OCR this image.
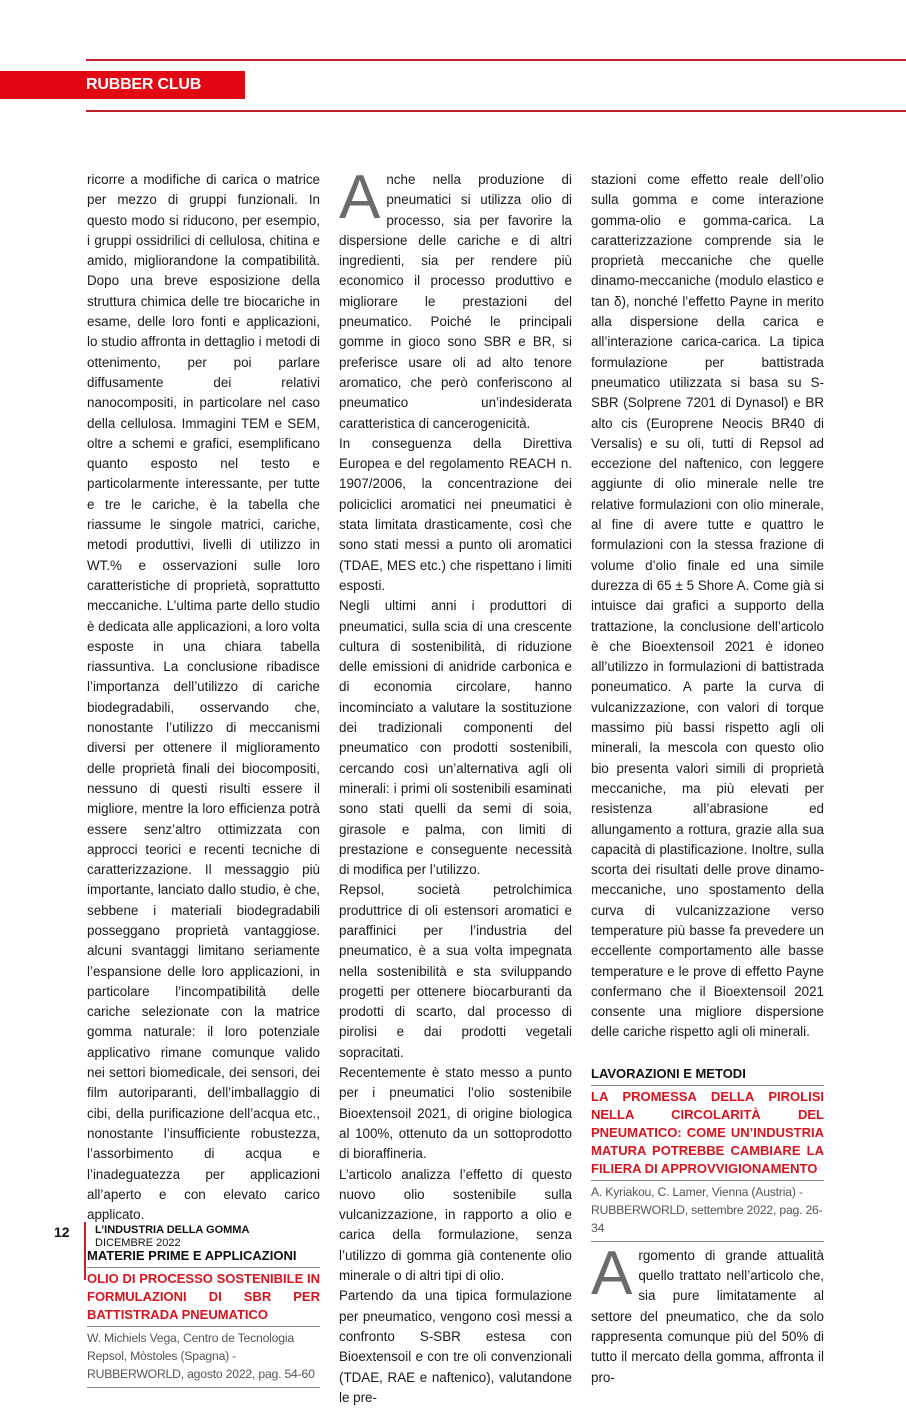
RUBBER CLUB

ricorre a modifiche di carica o matrice per mezzo di gruppi funzionali. In questo modo si riducono, per esempio, i gruppi ossidrilici di cellulosa, chitina e amido, migliorandone la compatibilità. Dopo una breve esposizione della struttura chimica delle tre biocariche in esame, delle loro fonti e applicazioni, lo studio affronta in dettaglio i metodi di ottenimento, per poi parlare diffusamente dei relativi nanocompositi, in particolare nel caso della cellulosa. Immagini TEM e SEM, oltre a schemi e grafici, esemplificano quanto esposto nel testo e particolarmente interessante, per tutte e tre le cariche, è la tabella che riassume le singole matrici, cariche, metodi produttivi, livelli di utilizzo in WT.% e osservazioni sulle loro caratteristiche di proprietà, soprattutto meccaniche. L’ultima parte dello studio è dedicata alle applicazioni, a loro volta esposte in una chiara tabella riassuntiva. La conclusione ribadisce l’importanza dell’utilizzo di cariche biodegradabili, osservando che, nonostante l’utilizzo di meccanismi diversi per ottenere il miglioramento delle proprietà finali dei biocompositi, nessuno di questi risulti essere il migliore, mentre la loro efficienza potrà essere senz’altro ottimizzata con approcci teorici e recenti tecniche di caratterizzazione. Il messaggio più importante, lanciato dallo studio, è che, sebbene i materiali biodegradabili posseggano proprietà vantaggiose. alcuni svantaggi limitano seriamente l’espansione delle loro applicazioni, in particolare l’incompatibilità delle cariche selezionate con la matrice gomma naturale: il loro potenziale applicativo rimane comunque valido nei settori biomedicale, dei sensori, dei film autoriparanti, dell’imballaggio di cibi, della purificazione dell’acqua etc., nonostante l’insufficiente robustezza, l’assorbimento di acqua e l’inadeguatezza per applicazioni all’aperto e con elevato carico applicato.

MATERIE PRIME E APPLICAZIONI
OLIO DI PROCESSO SOSTENIBILE IN FORMULAZIONI DI SBR PER BATTISTRADA PNEUMATICO
W. Michiels Vega, Centro de Tecnologia Repsol, Mòstoles (Spagna) - RUBBERWORLD, agosto 2022, pag. 54-60
A nche nella produzione di pneumatici si utilizza olio di processo, sia per favorire la dispersione delle cariche e di altri ingredienti, sia per rendere più economico il processo produttivo e migliorare le prestazioni del pneumatico. Poiché le principali gomme in gioco sono SBR e BR, si preferisce usare oli ad alto tenore aromatico, che però conferiscono al pneumatico un’indesiderata caratteristica di cancerogenicità.

In conseguenza della Direttiva Europea e del regolamento REACH n. 1907/2006, la concentrazione dei policiclici aromatici nei pneumatici è stata limitata drasticamente, così che sono stati messi a punto oli aromatici (TDAE, MES etc.) che rispettano i limiti esposti.

Negli ultimi anni i produttori di pneumatici, sulla scia di una crescente cultura di sostenibilità, di riduzione delle emissioni di anidride carbonica e di economia circolare, hanno incominciato a valutare la sostituzione dei tradizionali componenti del pneumatico con prodotti sostenibili, cercando così un’alternativa agli oli minerali: i primi oli sostenibili esaminati sono stati quelli da semi di soia, girasole e palma, con limiti di prestazione e conseguente necessità di modifica per l’utilizzo.

Repsol, società petrolchimica produttrice di oli estensori aromatici e paraffinici per l’industria del pneumatico, è a sua volta impegnata nella sostenibilità e sta sviluppando progetti per ottenere biocarburanti da prodotti di scarto, dal processo di pirolisi e dai prodotti vegetali sopracitati.

Recentemente è stato messo a punto per i pneumatici l’olio sostenibile Bioextensoil 2021, di origine biologica al 100%, ottenuto da un sottoprodotto di bioraffineria.

L’articolo analizza l’effetto di questo nuovo olio sostenibile sulla vulcanizzazione, in rapporto a olio e carica della formulazione, senza l’utilizzo di gomma già contenente olio minerale o di altri tipi di olio.

Partendo da una tipica formulazione per pneumatico, vengono così messi a confronto S-SBR estesa con Bioextensoil e con tre oli convenzionali (TDAE, RAE e naftenico), valutandone le pre-

stazioni come effetto reale dell’olio sulla gomma e come interazione gomma-olio e gomma-carica. La caratterizzazione comprende sia le proprietà meccaniche che quelle dinamo-meccaniche (modulo elastico e tan δ), nonché l’effetto Payne in merito alla dispersione della carica e all’interazione carica-carica. La tipica formulazione per battistrada pneumatico utilizzata si basa su S-SBR (Solprene 7201 di Dynasol) e BR alto cis (Europrene Neocis BR40 di Versalis) e su oli, tutti di Repsol ad eccezione del naftenico, con leggere aggiunte di olio minerale nelle tre relative formulazioni con olio minerale, al fine di avere tutte e quattro le formulazioni con la stessa frazione di volume d’olio finale ed una simile durezza di 65 ± 5 Shore A. Come già si intuisce dai grafici a supporto della trattazione, la conclusione dell’articolo è che Bioextensoil 2021 è idoneo all’utilizzo in formulazioni di battistrada poneumatico. A parte la curva di vulcanizzazione, con valori di torque massimo più bassi rispetto agli oli minerali, la mescola con questo olio bio presenta valori simili di proprietà meccaniche, ma più elevati per resistenza all’abrasione ed allungamento a rottura, grazie alla sua capacità di plastificazione. Inoltre, sulla scorta dei risultati delle prove dinamo-meccaniche, uno spostamento della curva di vulcanizzazione verso temperature più basse fa prevedere un eccellente comportamento alle basse temperature e le prove di effetto Payne confermano che il Bioextensoil 2021 consente una migliore dispersione delle cariche rispetto agli oli minerali.

LAVORAZIONI E METODI
LA PROMESSA DELLA PIROLISI NELLA CIRCOLARITÀ DEL PNEUMATICO: COME UN’INDUSTRIA MATURA POTREBBE CAMBIARE LA FILIERA DI APPROVVIGIONAMENTO
A. Kyriakou, C. Lamer, Vienna (Austria) - RUBBERWORLD, settembre 2022, pag. 26-34
A rgomento di grande attualità quello trattato nell’articolo che, sia pure limitatamente al settore del pneumatico, che da solo rappresenta comunque più del 50% di tutto il mercato della gomma, affronta il pro-

12 L’INDUSTRIA DELLA GOMMA
DICEMBRE 2022
